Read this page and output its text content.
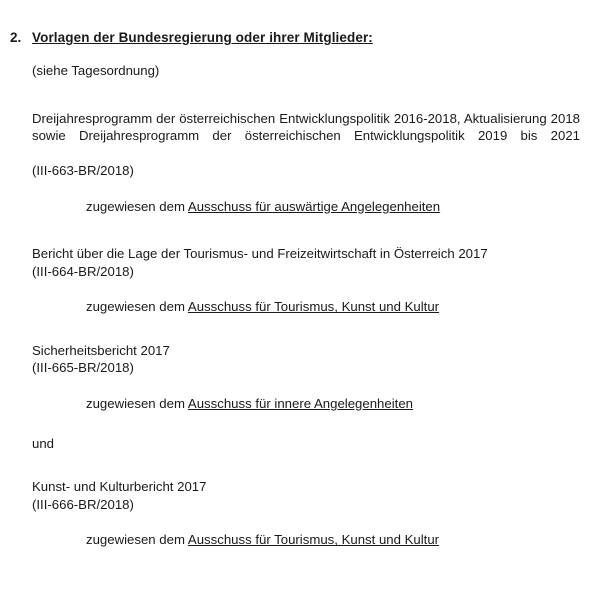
2. Vorlagen der Bundesregierung oder ihrer Mitglieder:

(siehe Tagesordnung)

Dreijahresprogramm der österreichischen Entwicklungspolitik 2016-2018, Aktualisierung 2018 sowie Dreijahresprogramm der österreichischen Entwicklungspolitik 2019 bis 2021

(III-663-BR/2018)

zugewiesen dem Ausschuss für auswärtige Angelegenheiten

Bericht über die Lage der Tourismus- und Freizeitwirtschaft in Österreich 2017

(III-664-BR/2018)

zugewiesen dem Ausschuss für Tourismus, Kunst und Kultur

Sicherheitsbericht 2017

(III-665-BR/2018)

zugewiesen dem Ausschuss für innere Angelegenheiten

und

Kunst- und Kulturbericht 2017

(III-666-BR/2018)

zugewiesen dem Ausschuss für Tourismus, Kunst und Kultur
